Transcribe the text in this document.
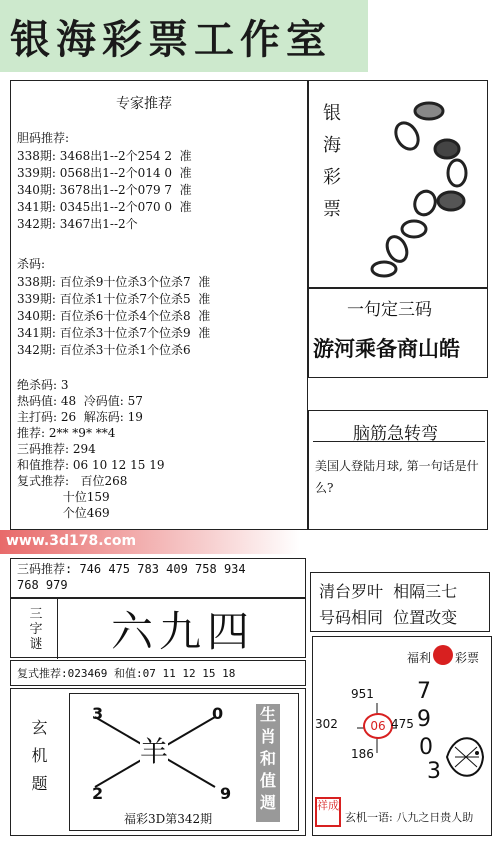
银海彩票工作室
专家推荐
胆码推荐:
338期: 3468出1--2个254 2  准
339期: 0568出1--2个014 0  准
340期: 3678出1--2个079 7  准
341期: 0345出1--2个070 0  准
342期: 3467出1--2个
杀码:
338期: 百位杀9十位杀3个位杀7  准
339期: 百位杀1十位杀7个位杀5  准
340期: 百位杀6十位杀4个位杀8  准
341期: 百位杀3十位杀7个位杀9  准
342期: 百位杀3十位杀1个位杀6
绝杀码: 3
热码值: 48  冷码值: 57
主打码: 26  解冻码: 19
推荐: 2** *9* **4
三码推荐: 294
和值推荐: 06 10 12 15 19
复式推荐:   百位268
十位159
个位469
银海彩票
一句定三码
游河乘备商山皓
脑筋急转弯
美国人登陆月球, 第一句话是什么?
www.3d178.com
三码推荐: 746 475 783 409 758 934
768 979	清台罗叶  相隔三七
号码相同  位置改变
三字谜 六九四
复式推荐:023469 和值:07 11 12 15 18
玄机题
3	0
2	9
羊
生肖和值週
福彩3D第342期
福利 彩票
951
06
302	475
186
7
9
0
3
祥成
玄机一语: 八九之日贵人助
